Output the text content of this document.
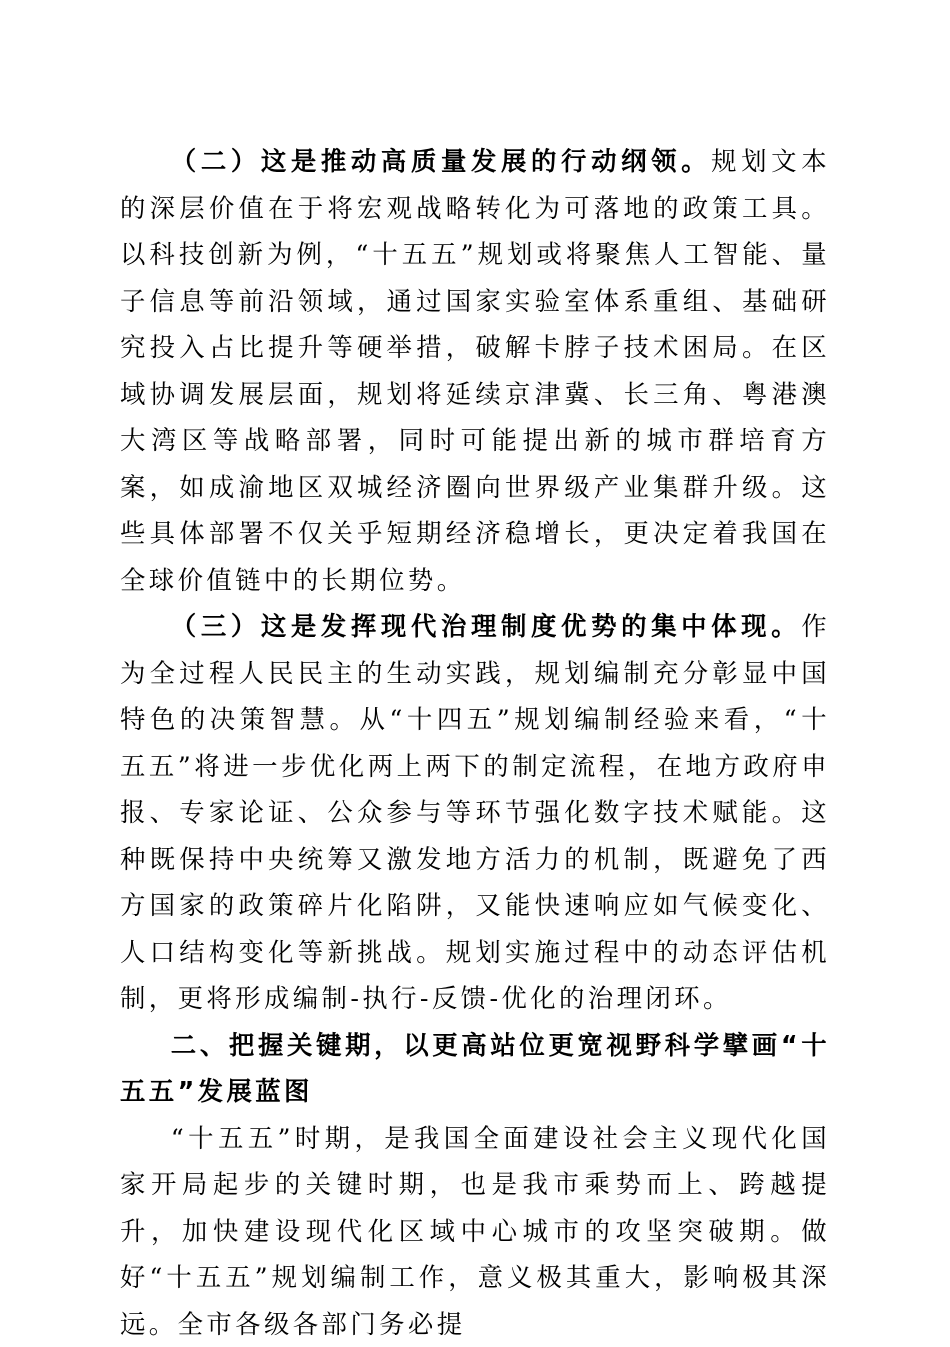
（二）这是推动高质量发展的行动纲领。规划文本的深层价值在于将宏观战略转化为可落地的政策工具。以科技创新为例，“十五五”规划或将聚焦人工智能、量子信息等前沿领域，通过国家实验室体系重组、基础研究投入占比提升等硬举措，破解卡脖子技术困局。在区域协调发展层面，规划将延续京津冀、长三角、粤港澳大湾区等战略部署，同时可能提出新的城市群培育方案，如成渝地区双城经济圈向世界级产业集群升级。这些具体部署不仅关乎短期经济稳增长，更决定着我国在全球价值链中的长期位势。

（三）这是发挥现代治理制度优势的集中体现。作为全过程人民民主的生动实践，规划编制充分彰显中国特色的决策智慧。从“十四五”规划编制经验来看，“十五五”将进一步优化两上两下的制定流程，在地方政府申报、专家论证、公众参与等环节强化数字技术赋能。这种既保持中央统筹又激发地方活力的机制，既避免了西方国家的政策碎片化陷阱，又能快速响应如气候变化、人口结构变化等新挑战。规划实施过程中的动态评估机制，更将形成编制-执行-反馈-优化的治理闭环。

二、把握关键期，以更高站位更宽视野科学擘画“十五五”发展蓝图

“十五五”时期，是我国全面建设社会主义现代化国家开局起步的关键时期，也是我市乘势而上、跨越提升，加快建设现代化区域中心城市的攻坚突破期。做好“十五五”规划编制工作，意义极其重大，影响极其深远。全市各级各部门务必提
